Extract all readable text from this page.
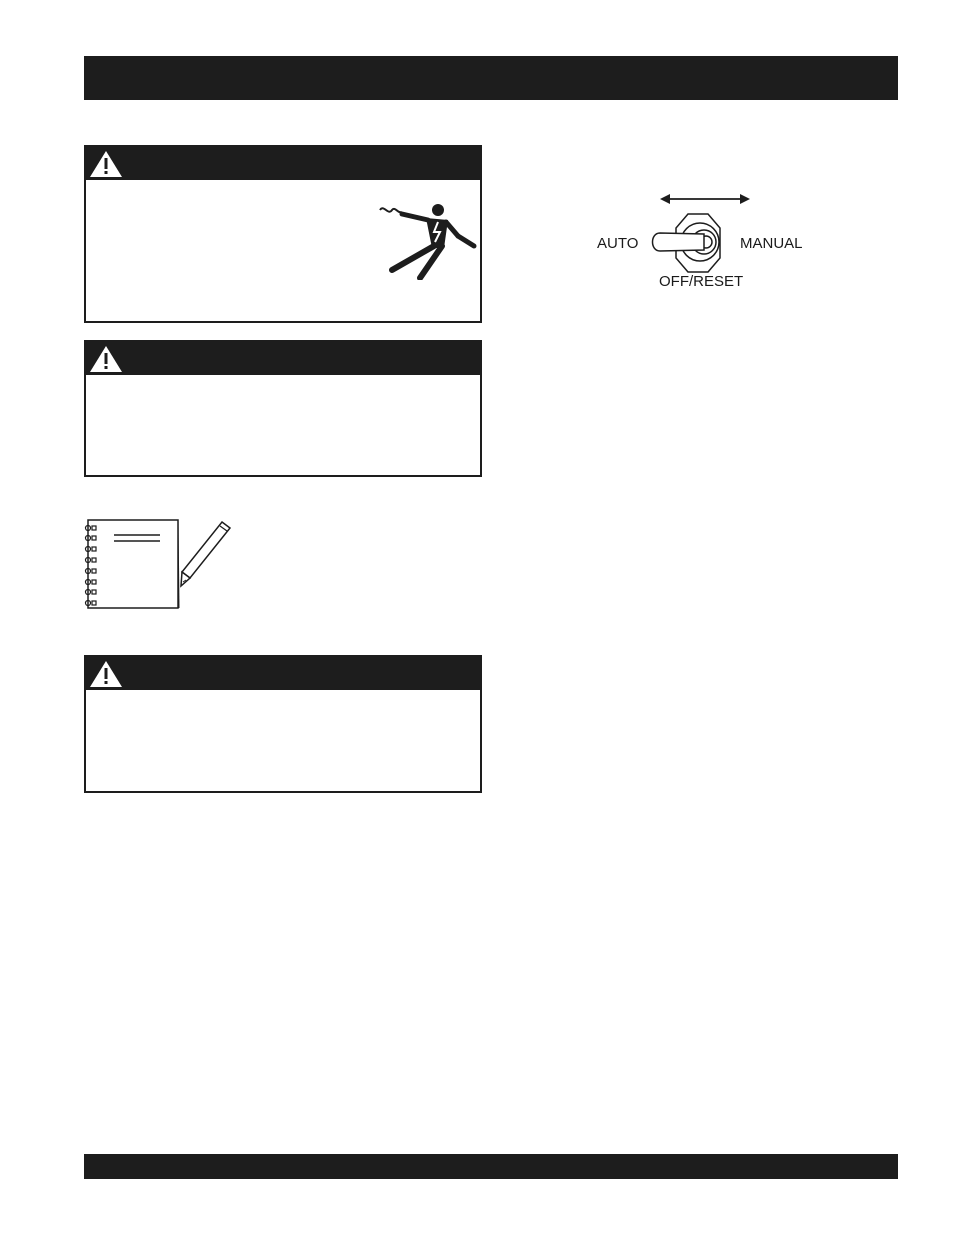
AUTO	MANUAL
OFF/RESET
